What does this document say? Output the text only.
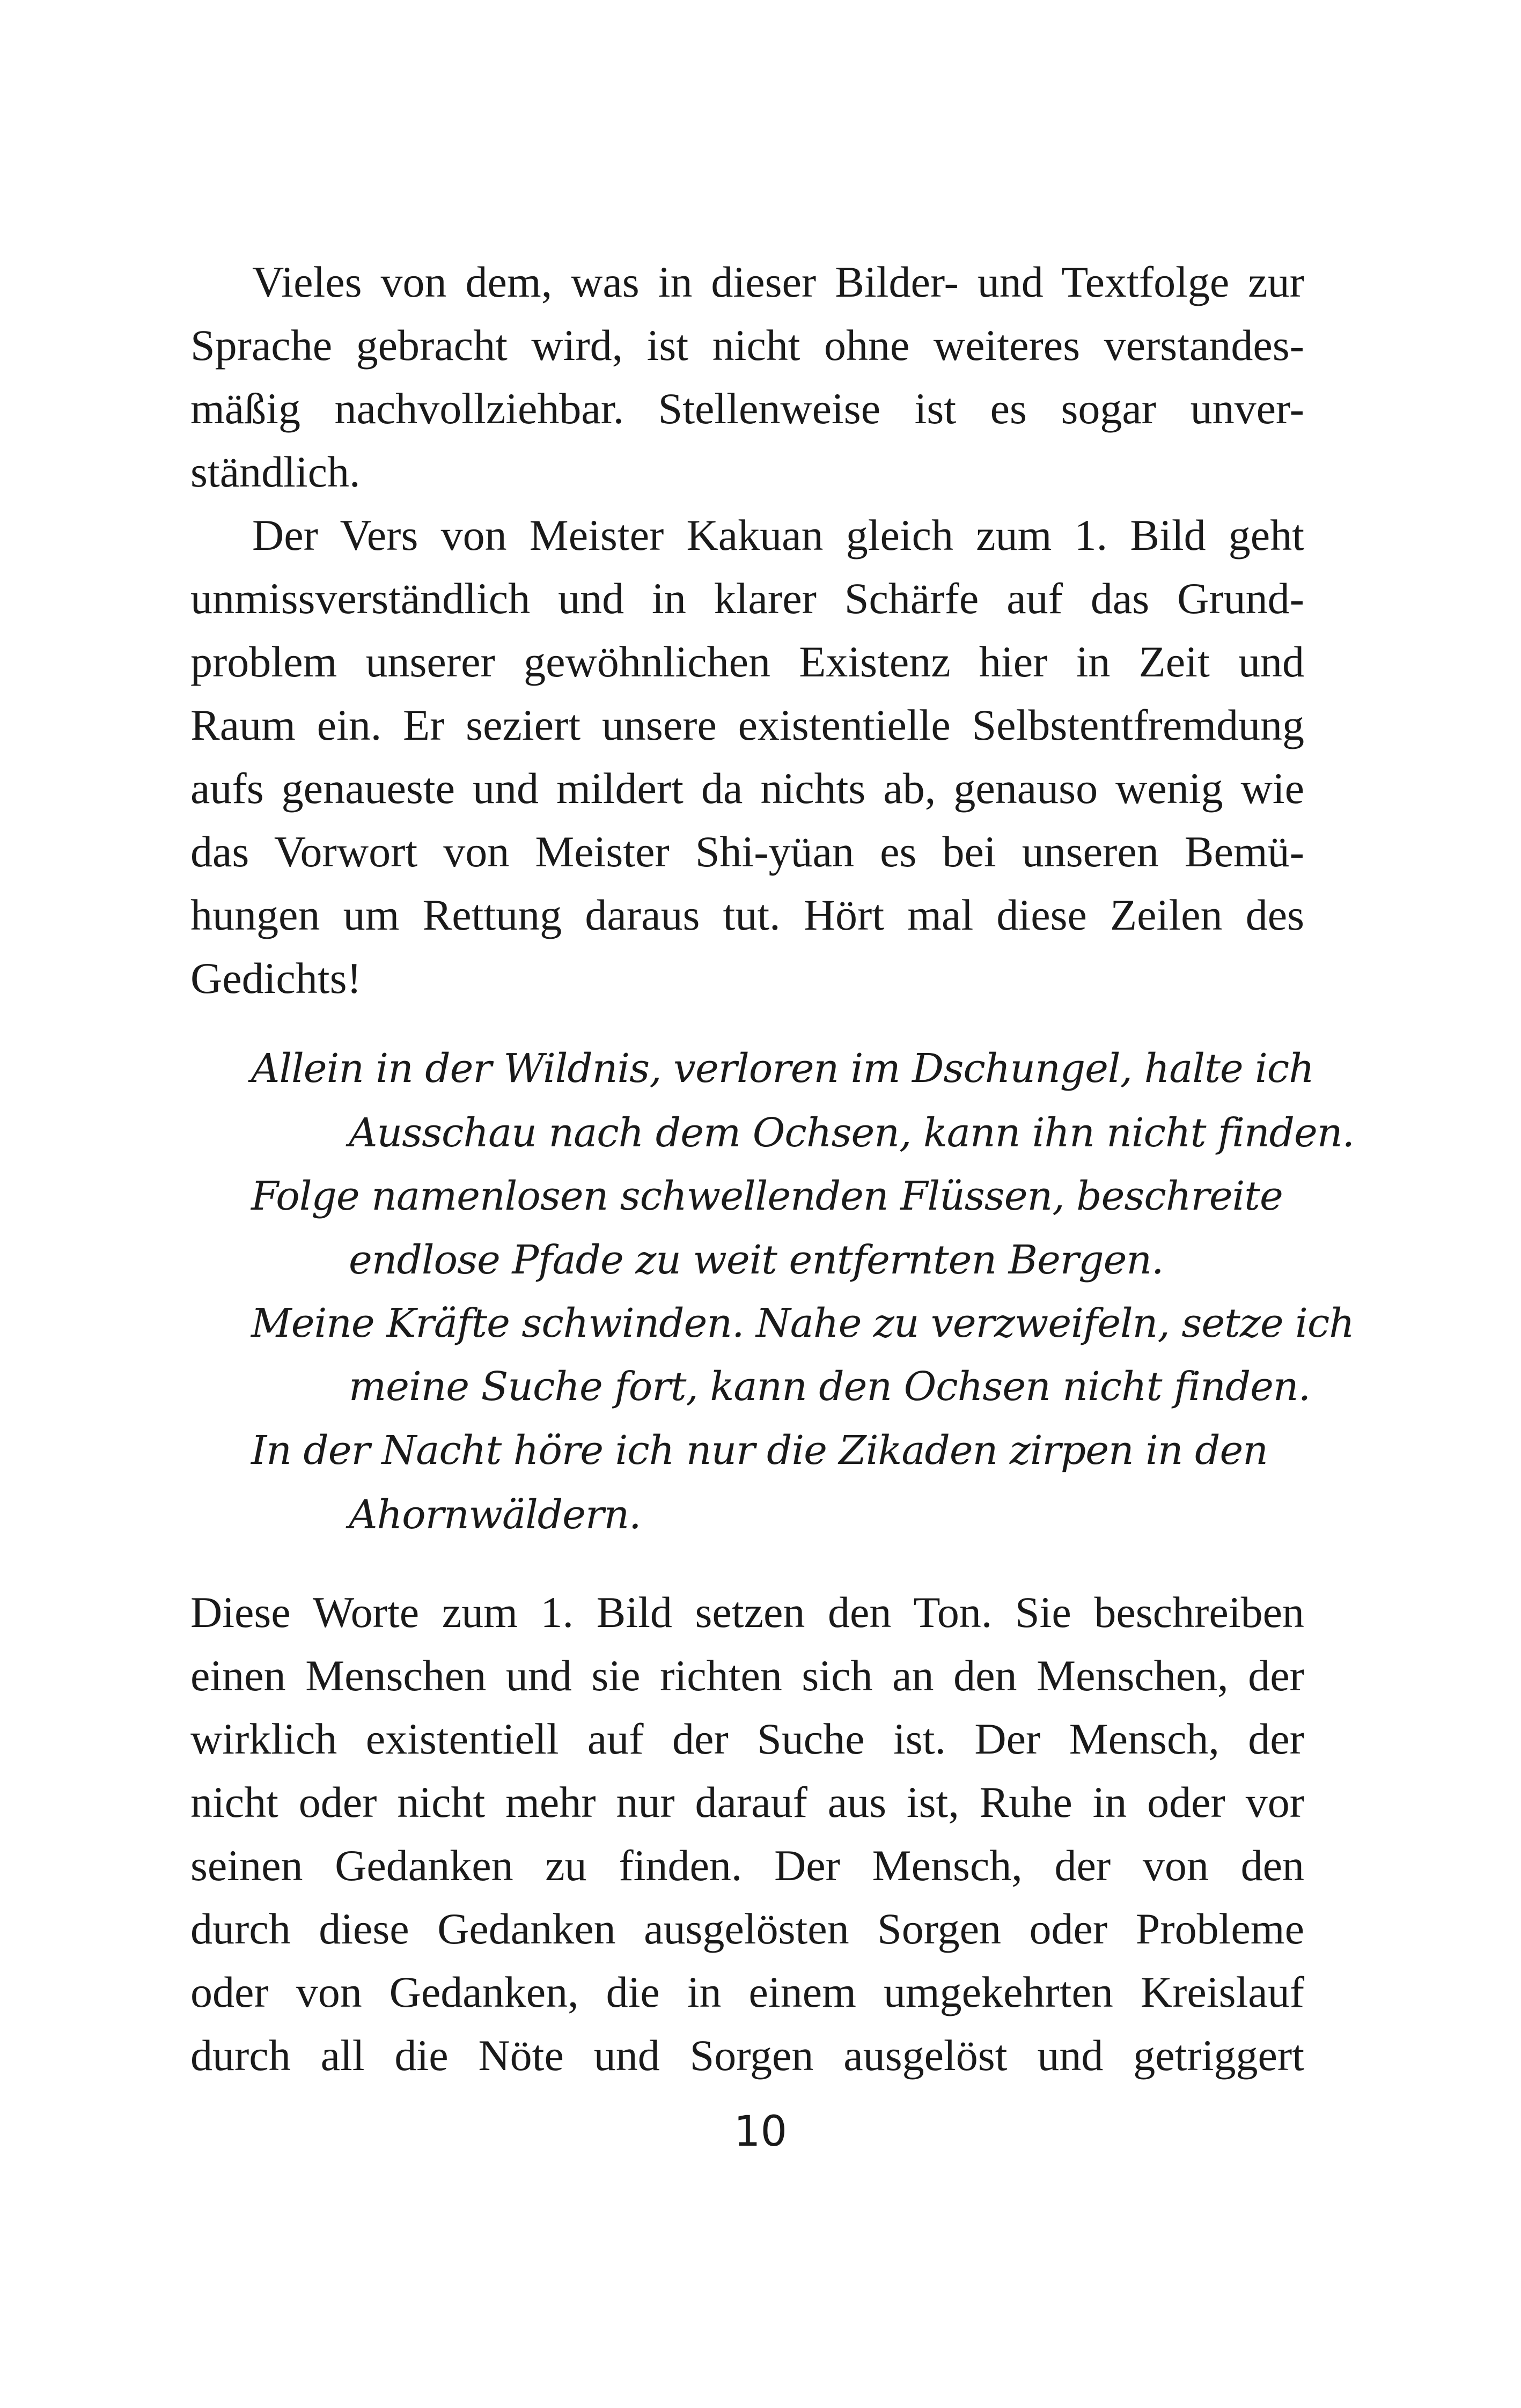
Vieles von dem, was in dieser Bilder- und Textfolge zur
Sprache gebracht wird, ist nicht ohne weiteres verstandes-
mäßig nachvollziehbar. Stellenweise ist es sogar unver-
ständlich.
Der Vers von Meister Kakuan gleich zum 1. Bild geht
unmissverständlich und in klarer Schärfe auf das Grund-
problem unserer gewöhnlichen Existenz hier in Zeit und
Raum ein. Er seziert unsere existentielle Selbstentfremdung
aufs genaueste und mildert da nichts ab, genauso wenig wie
das Vorwort von Meister Shi-yüan es bei unseren Bemü-
hungen um Rettung daraus tut. Hört mal diese Zeilen des
Gedichts!
Allein in der Wildnis, verloren im Dschungel, halte ich
Ausschau nach dem Ochsen, kann ihn nicht finden.
Folge namenlosen schwellenden Flüssen, beschreite
endlose Pfade zu weit entfernten Bergen.
Meine Kräfte schwinden. Nahe zu verzweifeln, setze ich
meine Suche fort, kann den Ochsen nicht finden.
In der Nacht höre ich nur die Zikaden zirpen in den
Ahornwäldern.
Diese Worte zum 1. Bild setzen den Ton. Sie beschreiben
einen Menschen und sie richten sich an den Menschen, der
wirklich existentiell auf der Suche ist. Der Mensch, der
nicht oder nicht mehr nur darauf aus ist, Ruhe in oder vor
seinen Gedanken zu finden. Der Mensch, der von den
durch diese Gedanken ausgelösten Sorgen oder Probleme
oder von Gedanken, die in einem umgekehrten Kreislauf
durch all die Nöte und Sorgen ausgelöst und getriggert
10
